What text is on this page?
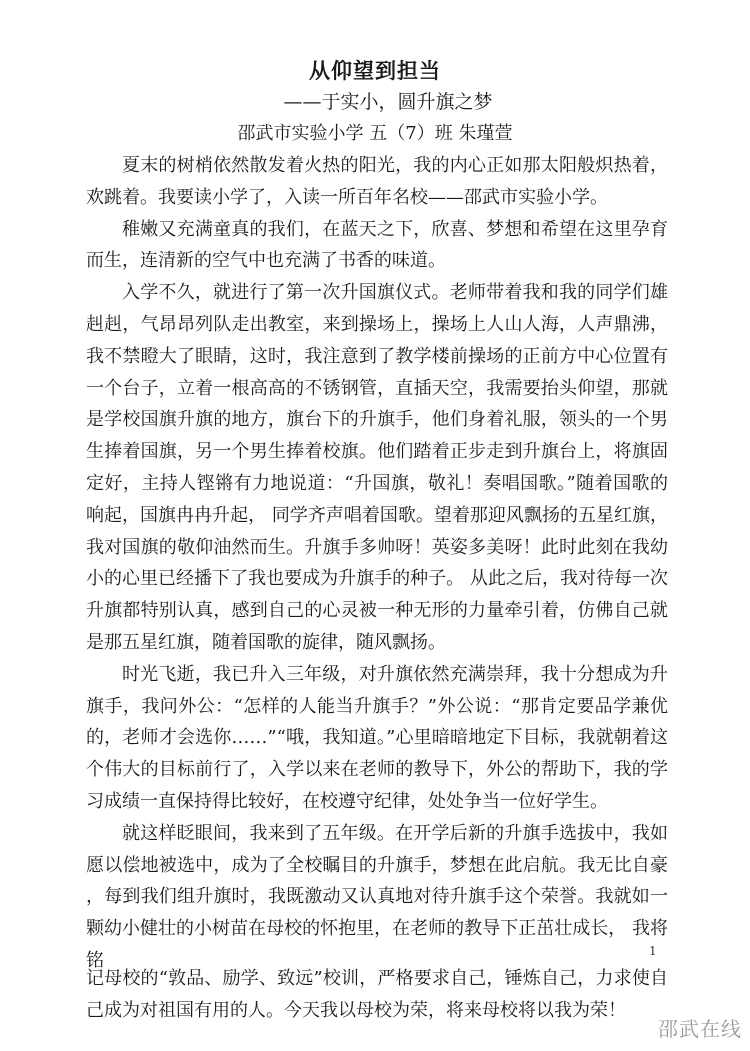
从仰望到担当
——于实小，圆升旗之梦
邵武市实验小学 五（7）班 朱瑾萱

夏末的树梢依然散发着火热的阳光，我的内心正如那太阳般炽热着，欢跳着。我要读小学了，入读一所百年名校——邵武市实验小学。

稚嫩又充满童真的我们，在蓝天之下，欣喜、梦想和希望在这里孕育而生，连清新的空气中也充满了书香的味道。

入学不久，就进行了第一次升国旗仪式。老师带着我和我的同学们雄赳赳，气昂昂列队走出教室，来到操场上，操场上人山人海，人声鼎沸，我不禁瞪大了眼睛，这时，我注意到了教学楼前操场的正前方中心位置有一个台子，立着一根高高的不锈钢管，直插天空，我需要抬头仰望，那就是学校国旗升旗的地方，旗台下的升旗手，他们身着礼服，领头的一个男生捧着国旗，另一个男生捧着校旗。他们踏着正步走到升旗台上，将旗固定好，主持人铿锵有力地说道：“升国旗，敬礼！奏唱国歌。”随着国歌的响起，国旗冉冉升起， 同学齐声唱着国歌。望着那迎风飘扬的五星红旗，我对国旗的敬仰油然而生。升旗手多帅呀！英姿多美呀！此时此刻在我幼小的心里已经播下了我也要成为升旗手的种子。 从此之后，我对待每一次升旗都特别认真，感到自己的心灵被一种无形的力量牵引着，仿佛自己就是那五星红旗，随着国歌的旋律，随风飘扬。

时光飞逝，我已升入三年级，对升旗依然充满崇拜，我十分想成为升旗手，我问外公：“怎样的人能当升旗手？”外公说：“那肯定要品学兼优的，老师才会选你……”“哦，我知道。”心里暗暗地定下目标，我就朝着这个伟大的目标前行了，入学以来在老师的教导下，外公的帮助下，我的学习成绩一直保持得比较好，在校遵守纪律，处处争当一位好学生。

就这样眨眼间，我来到了五年级。在开学后新的升旗手选拔中，我如愿以偿地被选中，成为了全校瞩目的升旗手，梦想在此启航。我无比自豪，每到我们组升旗时，我既激动又认真地对待升旗手这个荣誉。我就如一颗幼小健壮的小树苗在母校的怀抱里，在老师的教导下正茁壮成长， 我将铭	1

记母校的“敦品、励学、致远”校训，严格要求自己，锤炼自己，力求使自己成为对祖国有用的人。今天我以母校为荣，将来母校将以我为荣！

邵武在线
